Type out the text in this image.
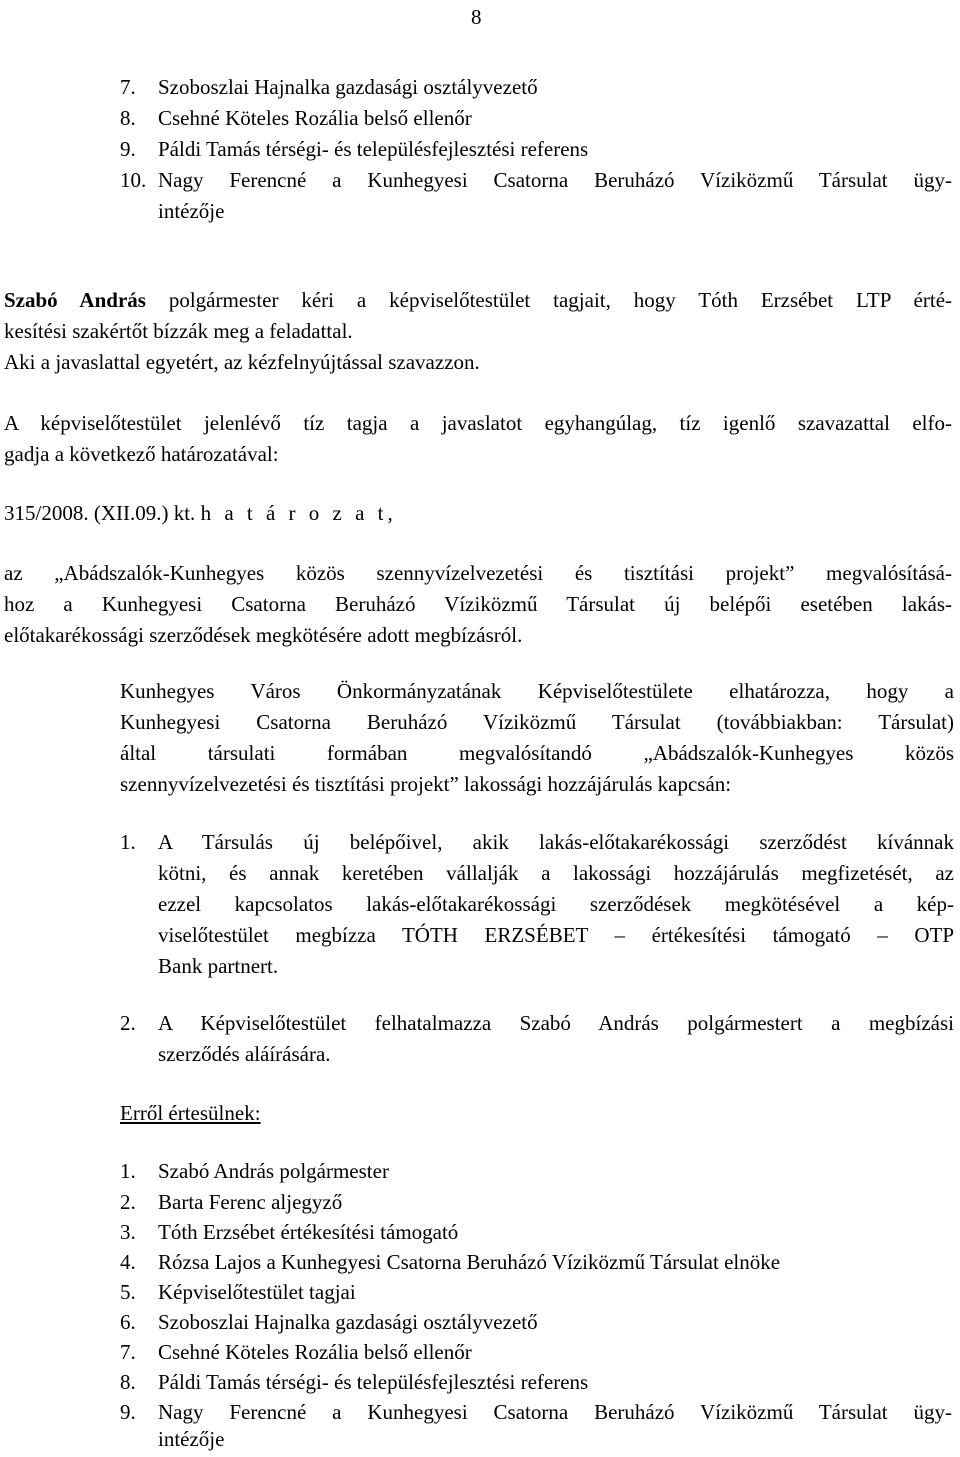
8
7. Szoboszlai Hajnalka gazdasági osztályvezető
8. Csehné Köteles Rozália belső ellenőr
9. Páldi Tamás térségi- és településfejlesztési referens
10. Nagy Ferencné a Kunhegyesi Csatorna Beruházó Víziközmű Társulat ügy-
intézője
Szabó András polgármester kéri a képviselőtestület tagjait, hogy Tóth Erzsébet LTP érté-
kesítési szakértőt bízzák meg a feladattal.
Aki a javaslattal egyetért, az kézfelnyújtással szavazzon.
A képviselőtestület jelenlévő tíz tagja a javaslatot egyhangúlag, tíz igenlő szavazattal elfo-
gadja a következő határozatával:
315/2008. (XII.09.) kt. h a t á r o z a t,
az „Abádszalók-Kunhegyes közös szennyvízelvezetési és tisztítási projekt” megvalósításá-
hoz a Kunhegyesi Csatorna Beruházó Víziközmű Társulat új belépői esetében lakás-
előtakarékossági szerződések megkötésére adott megbízásról.
Kunhegyes Város Önkormányzatának Képviselőtestülete elhatározza, hogy a
Kunhegyesi Csatorna Beruházó Víziközmű Társulat (továbbiakban: Társulat)
által társulati formában megvalósítandó „Abádszalók-Kunhegyes közös
szennyvízelvezetési és tisztítási projekt” lakossági hozzájárulás kapcsán:
1. A Társulás új belépőivel, akik lakás-előtakarékossági szerződést kívánnak
kötni, és annak keretében vállalják a lakossági hozzájárulás megfizetését, az
ezzel kapcsolatos lakás-előtakarékossági szerződések megkötésével a kép-
viselőtestület megbízza TÓTH ERZSÉBET – értékesítési támogató – OTP
Bank partnert.
2. A Képviselőtestület felhatalmazza Szabó András polgármestert a megbízási
szerződés aláírására.
Erről értesülnek:
1. Szabó András polgármester
2. Barta Ferenc aljegyző
3. Tóth Erzsébet értékesítési támogató
4. Rózsa Lajos a Kunhegyesi Csatorna Beruházó Víziközmű Társulat elnöke
5. Képviselőtestület tagjai
6. Szoboszlai Hajnalka gazdasági osztályvezető
7. Csehné Köteles Rozália belső ellenőr
8. Páldi Tamás térségi- és településfejlesztési referens
9. Nagy Ferencné a Kunhegyesi Csatorna Beruházó Víziközmű Társulat ügy-
intézője
